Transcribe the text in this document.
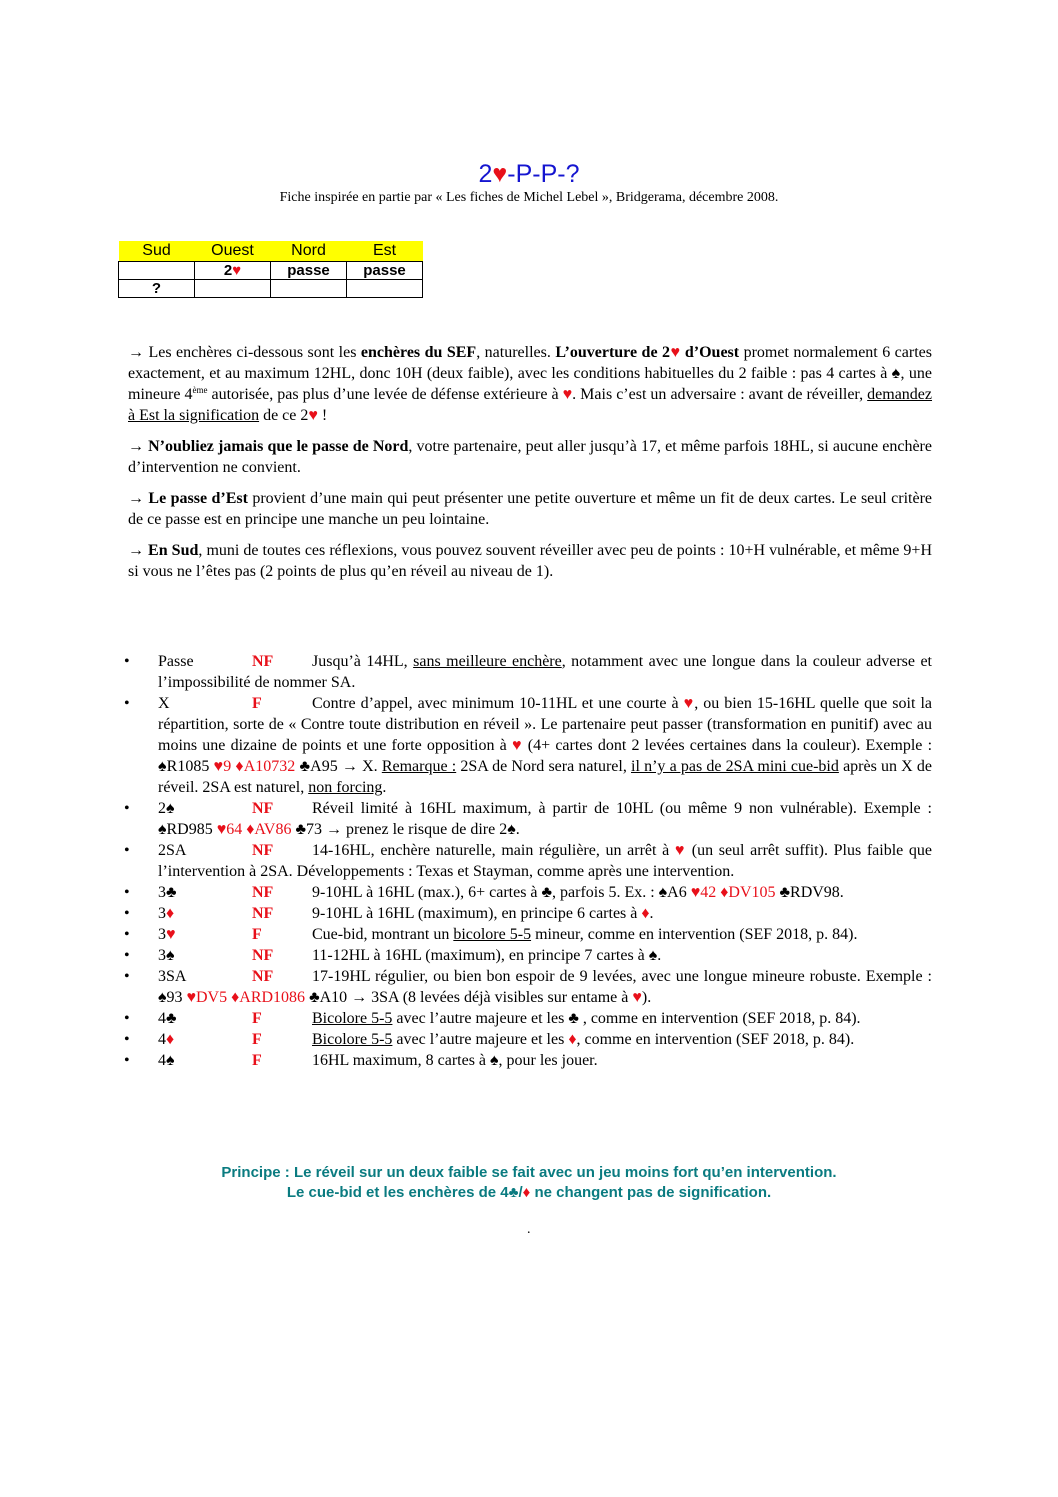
2♥-P-P-?
Fiche inspirée en partie par « Les fiches de Michel Lebel », Bridgerama, décembre 2008.
Sud	Ouest	Nord	Est
	2♥	passe	passe
?			

→ Les enchères ci-dessous sont les enchères du SEF, naturelles. L’ouverture de 2♥ d’Ouest promet normalement 6 cartes exactement, et au maximum 12HL, donc 10H (deux faible), avec les conditions habituelles du 2 faible : pas 4 cartes à ♠, une mineure 4ème autorisée, pas plus d’une levée de défense extérieure à ♥. Mais c’est un adversaire : avant de réveiller, demandez à Est la signification de ce 2♥ !

→ N’oubliez jamais que le passe de Nord, votre partenaire, peut aller jusqu’à 17, et même parfois 18HL, si aucune enchère d’intervention ne convient.

→ Le passe d’Est provient d’une main qui peut présenter une petite ouverture et même un fit de deux cartes. Le seul critère de ce passe est en principe une manche un peu lointaine.

→ En Sud, muni de toutes ces réflexions, vous pouvez souvent réveiller avec peu de points : 10+H vulnérable, et même 9+H si vous ne l’êtes pas (2 points de plus qu’en réveil au niveau de 1).

• Passe	NF Jusqu’à 14HL, sans meilleure enchère, notamment avec une longue dans la couleur adverse et l’impossibilité de nommer SA.
• X	F	Contre d’appel, avec minimum 10-11HL et une courte à ♥, ou bien 15-16HL quelle que soit la répartition, sorte de « Contre toute distribution en réveil ». Le partenaire peut passer (transformation en punitif) avec au moins une dizaine de points et une forte opposition à ♥ (4+ cartes dont 2 levées certaines dans la couleur). Exemple : ♠R1085 ♥9 ♦A10732 ♣A95 → X. Remarque : 2SA de Nord sera naturel, il n’y a pas de 2SA mini cue-bid après un X de réveil. 2SA est naturel, non forcing.
• 2♠	NF Réveil limité à 16HL maximum, à partir de 10HL (ou même 9 non vulnérable). Exemple : ♠RD985 ♥64 ♦AV86 ♣73 → prenez le risque de dire 2♠.
• 2SA	NF 14-16HL, enchère naturelle, main régulière, un arrêt à ♥ (un seul arrêt suffit). Plus faible que l’intervention à 2SA. Développements : Texas et Stayman, comme après une intervention.
• 3♣	NF 9-10HL à 16HL (max.), 6+ cartes à ♣, parfois 5. Ex. : ♠A6 ♥42 ♦DV105 ♣RDV98.
• 3♦	NF 9-10HL à 16HL (maximum), en principe 6 cartes à ♦.
• 3♥	F	Cue-bid, montrant un bicolore 5-5 mineur, comme en intervention (SEF 2018, p. 84).
• 3♠	NF 11-12HL à 16HL (maximum), en principe 7 cartes à ♠.
• 3SA	NF 17-19HL régulier, ou bien bon espoir de 9 levées, avec une longue mineure robuste. Exemple : ♠93 ♥DV5 ♦ARD1086 ♣A10 → 3SA (8 levées déjà visibles sur entame à ♥).
• 4♣	F	Bicolore 5-5 avec l’autre majeure et les ♣ , comme en intervention (SEF 2018, p. 84).
• 4♦	F	Bicolore 5-5 avec l’autre majeure et les ♦, comme en intervention (SEF 2018, p. 84).
• 4♠	F	16HL maximum, 8 cartes à ♠, pour les jouer.
Principe : Le réveil sur un deux faible se fait avec un jeu moins fort qu’en intervention.
Le cue-bid et les enchères de 4♣/♦ ne changent pas de signification.
.
